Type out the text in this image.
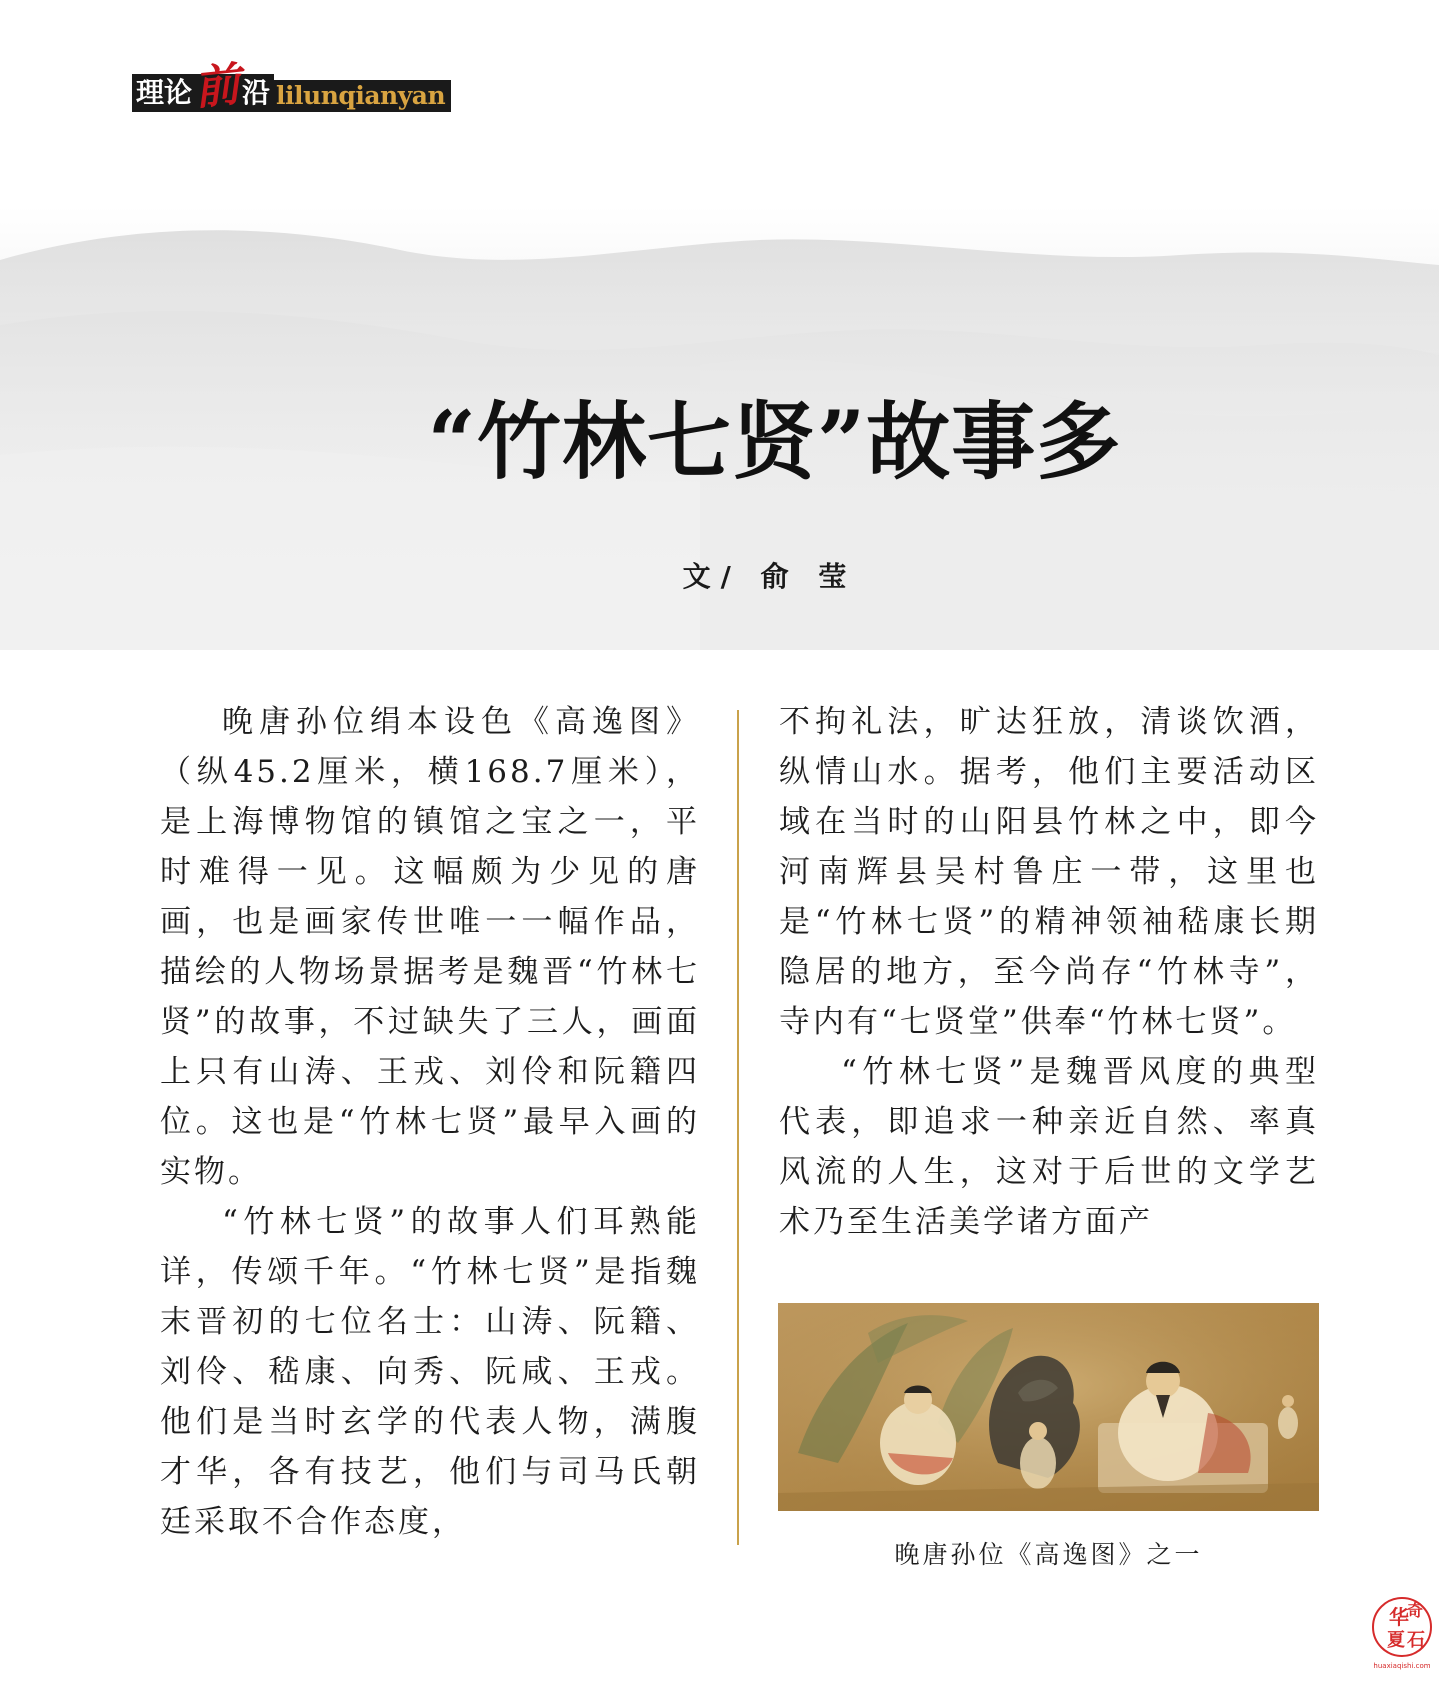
理论 前 沿 lilunqianyan
“竹林七贤”故事多
文/ 俞 莹

晚唐孙位绢本设色《高逸图》（纵45.2厘米，横168.7厘米），是上海博物馆的镇馆之宝之一，平时难得一见。这幅颇为少见的唐画，也是画家传世唯一一幅作品，描绘的人物场景据考是魏晋“竹林七贤”的故事，不过缺失了三人，画面上只有山涛、王戎、刘伶和阮籍四位。这也是“竹林七贤”最早入画的实物。

“竹林七贤”的故事人们耳熟能详，传颂千年。“竹林七贤”是指魏末晋初的七位名士：山涛、阮籍、刘伶、嵇康、向秀、阮咸、王戎。他们是当时玄学的代表人物，满腹才华，各有技艺，他们与司马氏朝廷采取不合作态度，

不拘礼法，旷达狂放，清谈饮酒，纵情山水。据考，他们主要活动区域在当时的山阳县竹林之中，即今河南辉县吴村鲁庄一带，这里也是“竹林七贤”的精神领袖嵇康长期隐居的地方，至今尚存“竹林寺”，寺内有“七贤堂”供奉“竹林七贤”。

“竹林七贤”是魏晋风度的典型代表，即追求一种亲近自然、率真风流的人生，这对于后世的文学艺术乃至生活美学诸方面产

晚唐孙位《高逸图》之一
华
奇
夏 石
huaxiaqishi.com
